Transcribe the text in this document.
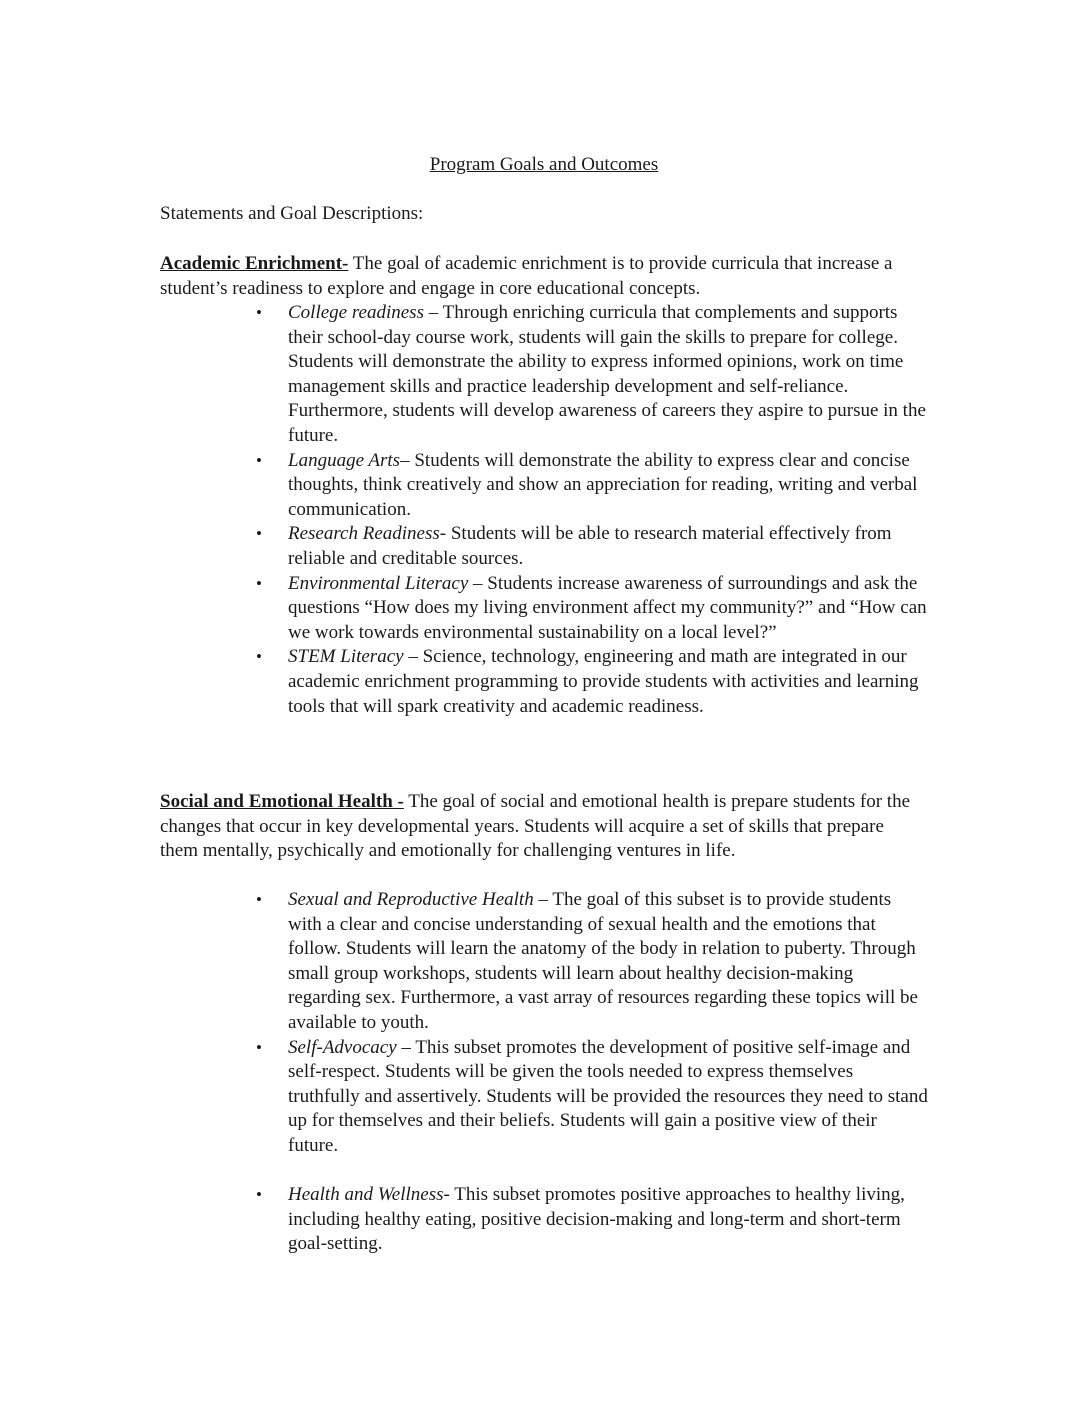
Program Goals and Outcomes

Statements and Goal Descriptions:

Academic Enrichment- The goal of academic enrichment is to provide curricula that increase a student’s readiness to explore and engage in core educational concepts.

• College readiness – Through enriching curricula that complements and supports their school-day course work, students will gain the skills to prepare for college. Students will demonstrate the ability to express informed opinions, work on time management skills and practice leadership development and self-reliance. Furthermore, students will develop awareness of careers they aspire to pursue in the future.
• Language Arts– Students will demonstrate the ability to express clear and concise thoughts, think creatively and show an appreciation for reading, writing and verbal communication.
• Research Readiness- Students will be able to research material effectively from reliable and creditable sources.
• Environmental Literacy – Students increase awareness of surroundings and ask the questions “How does my living environment affect my community?” and “How can we work towards environmental sustainability on a local level?”
• STEM Literacy – Science, technology, engineering and math are integrated in our academic enrichment programming to provide students with activities and learning tools that will spark creativity and academic readiness.

Social and Emotional Health - The goal of social and emotional health is prepare students for the changes that occur in key developmental years. Students will acquire a set of skills that prepare them mentally, psychically and emotionally for challenging ventures in life.

• Sexual and Reproductive Health – The goal of this subset is to provide students with a clear and concise understanding of sexual health and the emotions that follow. Students will learn the anatomy of the body in relation to puberty. Through small group workshops, students will learn about healthy decision-making regarding sex. Furthermore, a vast array of resources regarding these topics will be available to youth.
• Self-Advocacy – This subset promotes the development of positive self-image and self-respect. Students will be given the tools needed to express themselves truthfully and assertively. Students will be provided the resources they need to stand up for themselves and their beliefs. Students will gain a positive view of their future.
• Health and Wellness- This subset promotes positive approaches to healthy living, including healthy eating, positive decision-making and long-term and short-term goal-setting.
